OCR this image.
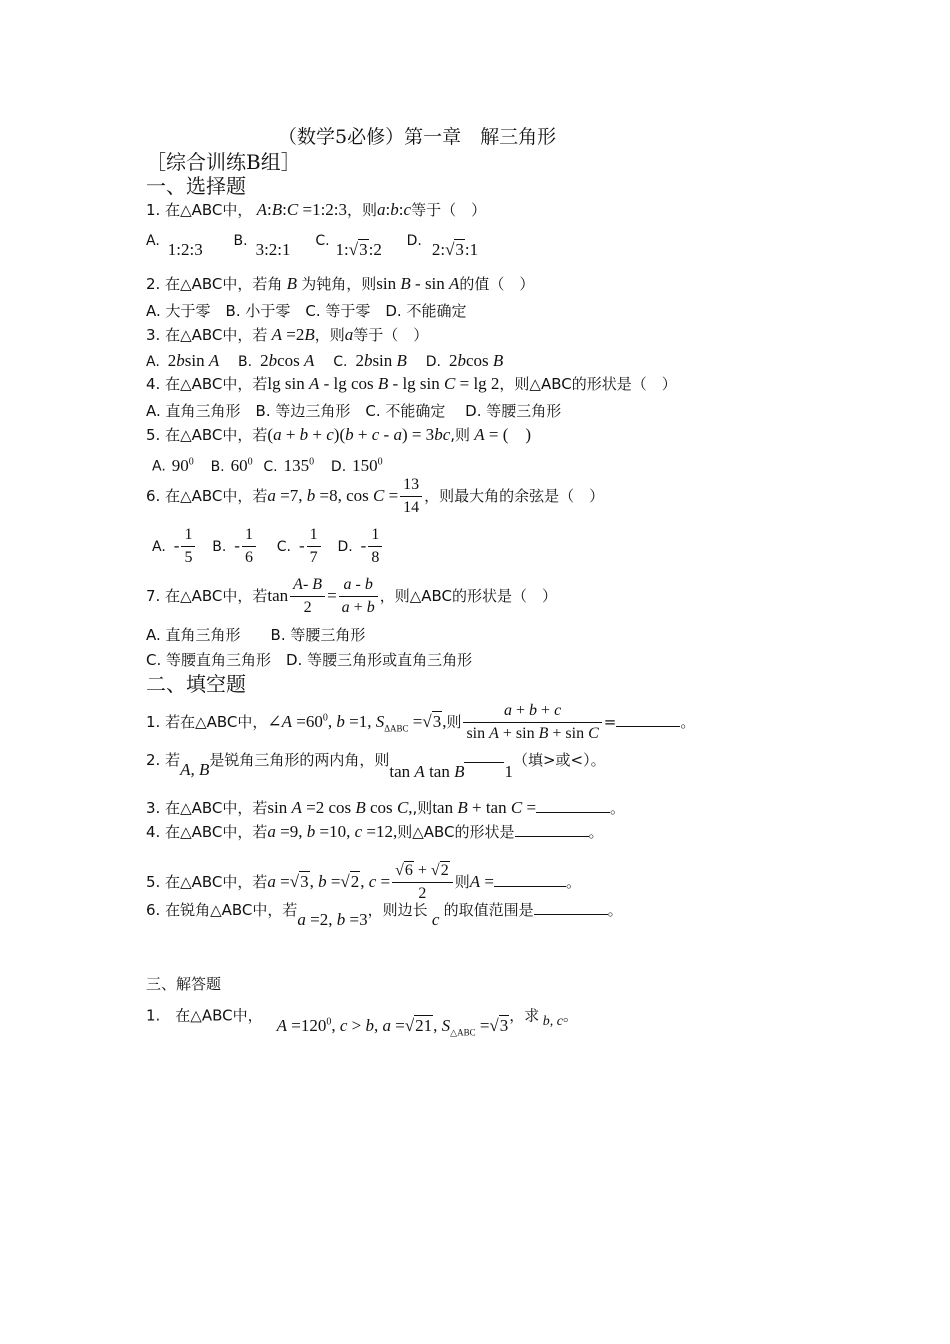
（数学5必修）第一章　解三角形
［综合训练B组］
一、选择题
1. 在△ABC中， A:B:C =1:2:3，则a:b:c等于（　）
A. 1:2:3 B. 3:2:1 C. 1:√3:2 D. 2:√3:1
2. 在△ABC中，若角 B 为钝角，则sin B - sin A的值（　）
A. 大于零　B. 小于零　C. 等于零　D. 不能确定
3. 在△ABC中，若 A =2B，则a等于（　）
A. 2bsin A B. 2bcos A C. 2bsin B D. 2bcos B
4. 在△ABC中，若lg sin A - lg cos B - lg sin C = lg 2，则△ABC的形状是（　）
A. 直角三角形　B. 等边三角形　C. 不能确定　 D. 等腰三角形
5. 在△ABC中，若(a + b + c)(b + c - a) = 3bc,则 A = (　)
A. $90^0$ B. $60^0$ C. $135^0$ D. $150^0$
6. 在△ABC中，若a =7, b =8, $\cos C = \frac{13}{14}$ ，则最大角的余弦是（　）
A. - $\frac{1}{5} B$. - $\frac{1}{6} C$. - $\frac{1}{7} D$. - $\frac{1}{8}$
7. 在△ABC中，若$\tan \frac{A- B}{2} = \frac{a - b}{a + b}$ ，则△ABC的形状是（　）
A. 直角三角形　　B. 等腰三角形
C. 等腰直角三角形　D. 等腰三角形或直角三角形
二、填空题
1. 若在△ABC中，∠A $=60^0$, b =1, $S_{\Delta ABC} =√3$,则 $\frac{a + b + c}{\text{sin A + sin B + sin C}}$ =	。
2. 若A, B是锐角三角形的两内角，则tan A tan B 1（填>或<）。
3. 在△ABC中，若sin A =2 cos B cos C,,则tan B + tan C =	。
4. 在△ABC中，若a =9, b =10, c =12,则△ABC的形状是	。
5. 在△ABC中，若a =√3, b =√2, $c = \frac{√6 + √2}{2}$ 则A =	。
6. 在锐角△ABC中，若a =2, b =3，则边长 c 的取值范围是	。
三、解答题
1.　在△ABC中， $A =120^0$, c > b, a =√21, $S_{\triangle ABC} =√3$，求 b, c。
